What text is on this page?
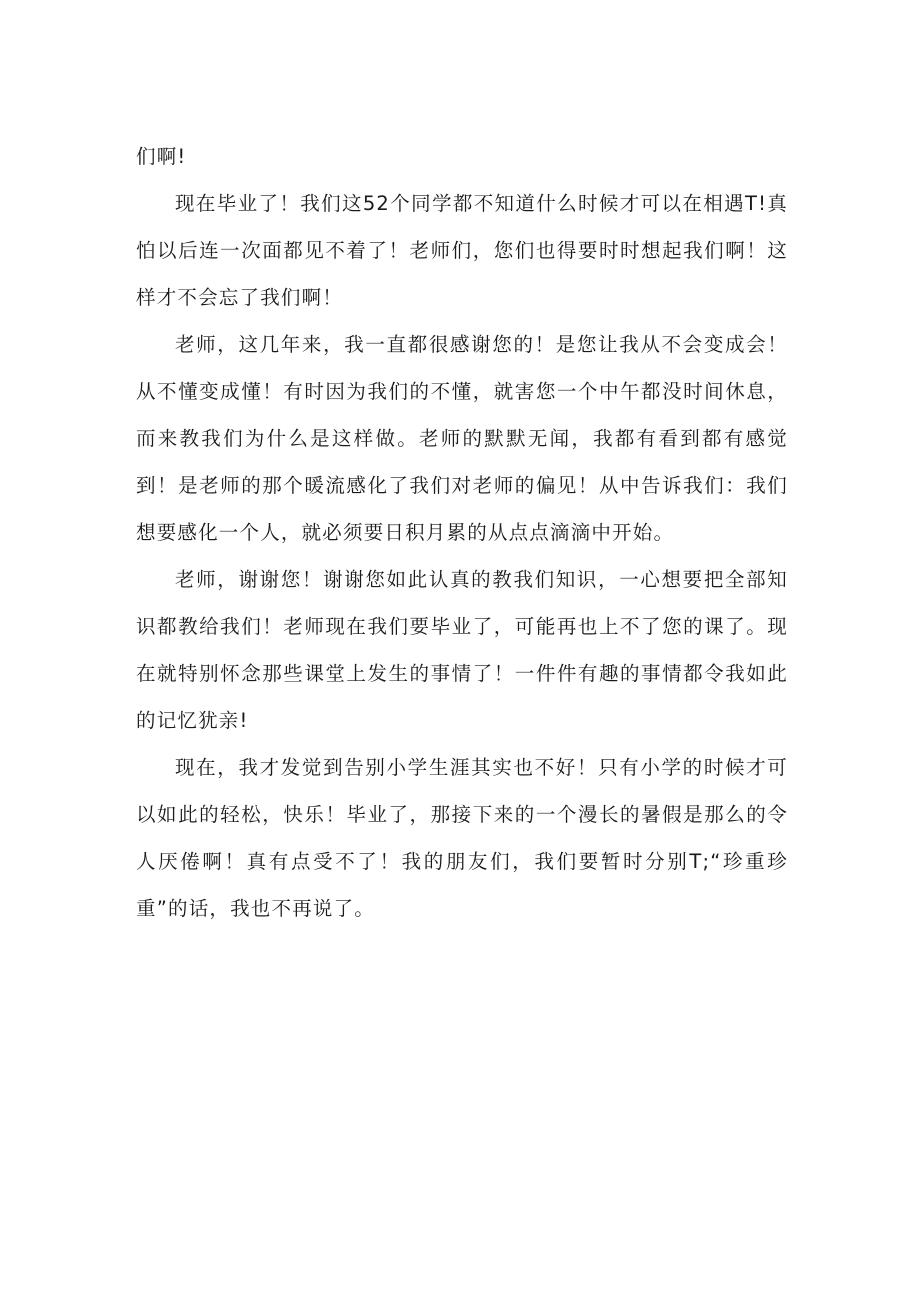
们啊!

现在毕业了！我们这52个同学都不知道什么时候才可以在相遇T!真怕以后连一次面都见不着了！老师们，您们也得要时时想起我们啊！这样才不会忘了我们啊！

老师，这几年来，我一直都很感谢您的！是您让我从不会变成会！从不懂变成懂！有时因为我们的不懂，就害您一个中午都没时间休息，而来教我们为什么是这样做。老师的默默无闻，我都有看到都有感觉到！是老师的那个暖流感化了我们对老师的偏见！从中告诉我们：我们想要感化一个人，就必须要日积月累的从点点滴滴中开始。

老师，谢谢您！谢谢您如此认真的教我们知识，一心想要把全部知识都教给我们！老师现在我们要毕业了，可能再也上不了您的课了。现在就特别怀念那些课堂上发生的事情了！一件件有趣的事情都令我如此的记忆犹亲!

现在，我才发觉到告别小学生涯其实也不好！只有小学的时候才可以如此的轻松，快乐！毕业了，那接下来的一个漫长的暑假是那么的令人厌倦啊！真有点受不了！我的朋友们，我们要暂时分别T;“珍重珍重”的话，我也不再说了。
